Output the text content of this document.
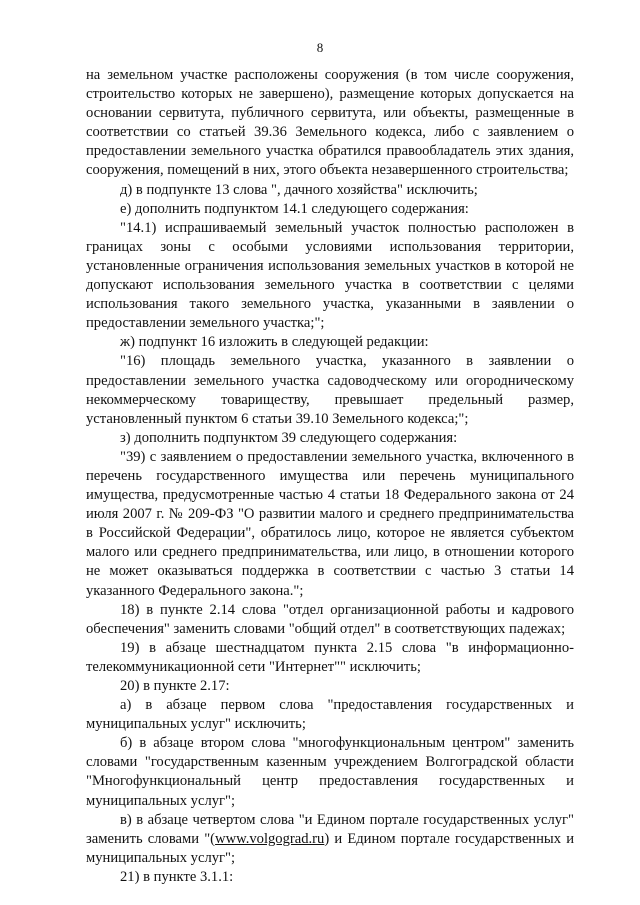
8

на земельном участке расположены сооружения (в том числе сооружения, строительство которых не завершено), размещение которых допускается на основании сервитута, публичного сервитута, или объекты, размещенные в соответствии со статьей 39.36 Земельного кодекса, либо с заявлением о предоставлении земельного участка обратился правообладатель этих здания, сооружения, помещений в них, этого объекта незавершенного строительства;

д) в подпункте 13 слова ", дачного хозяйства" исключить;

е) дополнить подпунктом 14.1 следующего содержания:

"14.1) испрашиваемый земельный участок полностью расположен в границах зоны с особыми условиями использования территории, установленные ограничения использования земельных участков в которой не допускают использования земельного участка в соответствии с целями использования такого земельного участка, указанными в заявлении о предоставлении земельного участка;";

ж) подпункт 16 изложить в следующей редакции:

"16) площадь земельного участка, указанного в заявлении о предоставлении земельного участка садоводческому или огородническому некоммерческому товариществу, превышает предельный размер, установленный пунктом 6 статьи 39.10 Земельного кодекса;";

з) дополнить подпунктом 39 следующего содержания:

"39) с заявлением о предоставлении земельного участка, включенного в перечень государственного имущества или перечень муниципального имущества, предусмотренные частью 4 статьи 18 Федерального закона от 24 июля 2007 г. № 209-ФЗ "О развитии малого и среднего предпринимательства в Российской Федерации", обратилось лицо, которое не является субъектом малого или среднего предпринимательства, или лицо, в отношении которого не может оказываться поддержка в соответствии с частью 3 статьи 14 указанного Федерального закона.";

18) в пункте 2.14 слова "отдел организационной работы и кадрового обеспечения" заменить словами "общий отдел" в соответствующих падежах;

19) в абзаце шестнадцатом пункта 2.15 слова "в информационно-телекоммуникационной сети "Интернет"" исключить;

20) в пункте 2.17:

а) в абзаце первом слова "предоставления государственных и муниципальных услуг" исключить;

б) в абзаце втором слова "многофункциональным центром" заменить словами "государственным казенным учреждением Волгоградской области "Многофункциональный центр предоставления государственных и муниципальных услуг";

в) в абзаце четвертом слова "и Едином портале государственных услуг" заменить словами "(www.volgograd.ru) и Едином портале государственных и муниципальных услуг";

21) в пункте 3.1.1:
